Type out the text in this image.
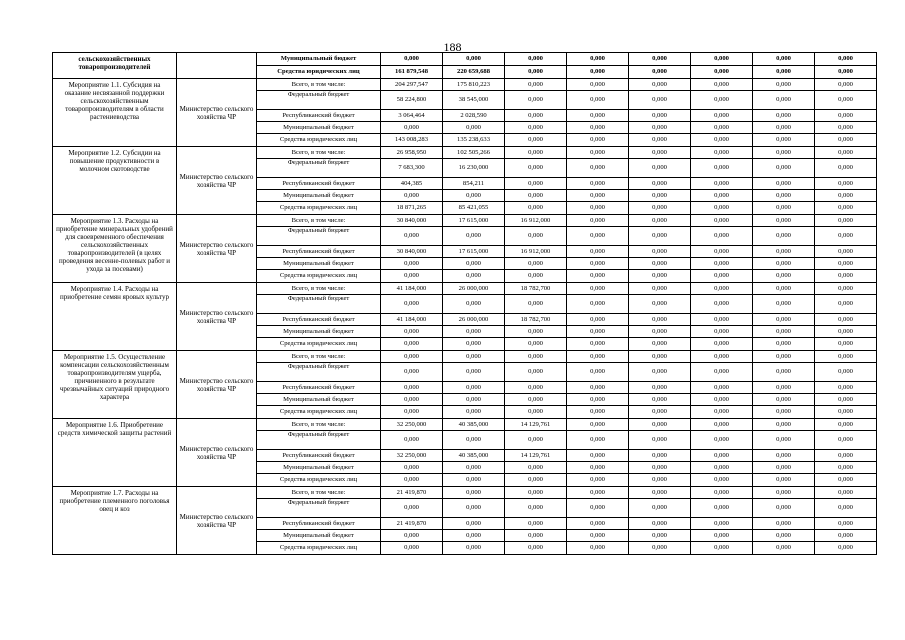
188
сельскохозяйственных товаропроизводителей		Муниципальный бюджет	0,000	0,000	0,000	0,000	0,000	0,000	0,000	0,000
		Средства юридических лиц	161 879,548	220 659,688	0,000	0,000	0,000	0,000	0,000	0,000
Мероприятие 1.1. Субсидия на оказание несвязанной поддержки сельскохозяйственным товаропроизводителям в области растениеводства	Министерство сельского хозяйства ЧР	Всего, в том числе:	204 297,547	175 810,223	0,000	0,000	0,000	0,000	0,000	0,000
		Федеральный бюджет	58 224,800	38 545,000	0,000	0,000	0,000	0,000	0,000	0,000
		Республиканский бюджет	3 064,464	2 028,590	0,000	0,000	0,000	0,000	0,000	0,000
		Муниципальный бюджет	0,000	0,000	0,000	0,000	0,000	0,000	0,000	0,000
		Средства юридических лиц	143 008,283	135 238,633	0,000	0,000	0,000	0,000	0,000	0,000
Мероприятие 1.2. Субсидии на повышение продуктивности в молочном скотоводстве	Министерство сельского хозяйства ЧР	Всего, в том числе:	26 958,950	102 505,266	0,000	0,000	0,000	0,000	0,000	0,000
		Федеральный бюджет	7 683,300	16 230,000	0,000	0,000	0,000	0,000	0,000	0,000
		Республиканский бюджет	404,385	854,211	0,000	0,000	0,000	0,000	0,000	0,000
		Муниципальный бюджет	0,000	0,000	0,000	0,000	0,000	0,000	0,000	0,000
		Средства юридических лиц	18 871,265	85 421,055	0,000	0,000	0,000	0,000	0,000	0,000
Мероприятие 1.3. Расходы на приобретение минеральных удобрений для своевременного обеспечения сельскохозяйственных товаропроизводителей (в целях проведения весенне-полевых работ и ухода за посевами)	Министерство сельского хозяйства ЧР	Всего, в том числе:	30 840,000	17 615,000	16 912,000	0,000	0,000	0,000	0,000	0,000
		Федеральный бюджет	0,000	0,000	0,000	0,000	0,000	0,000	0,000	0,000
		Республиканский бюджет	30 840,000	17 615,000	16 912,000	0,000	0,000	0,000	0,000	0,000
		Муниципальный бюджет	0,000	0,000	0,000	0,000	0,000	0,000	0,000	0,000
		Средства юридических лиц	0,000	0,000	0,000	0,000	0,000	0,000	0,000	0,000
Мероприятие 1.4. Расходы на приобретение семян яровых культур	Министерство сельского хозяйства ЧР	Всего, в том числе:	41 184,000	26 000,000	18 782,700	0,000	0,000	0,000	0,000	0,000
		Федеральный бюджет	0,000	0,000	0,000	0,000	0,000	0,000	0,000	0,000
		Республиканский бюджет	41 184,000	26 000,000	18 782,700	0,000	0,000	0,000	0,000	0,000
		Муниципальный бюджет	0,000	0,000	0,000	0,000	0,000	0,000	0,000	0,000
		Средства юридических лиц	0,000	0,000	0,000	0,000	0,000	0,000	0,000	0,000
Мероприятие 1.5. Осуществление компенсации сельскохозяйственным товаропроизводителям ущерба, причиненного в результате чрезвычайных ситуаций природного характера	Министерство сельского хозяйства ЧР	Всего, в том числе:	0,000	0,000	0,000	0,000	0,000	0,000	0,000	0,000
		Федеральный бюджет	0,000	0,000	0,000	0,000	0,000	0,000	0,000	0,000
		Республиканский бюджет	0,000	0,000	0,000	0,000	0,000	0,000	0,000	0,000
		Муниципальный бюджет	0,000	0,000	0,000	0,000	0,000	0,000	0,000	0,000
		Средства юридических лиц	0,000	0,000	0,000	0,000	0,000	0,000	0,000	0,000
Мероприятие 1.6. Приобретение средств химической защиты растений	Министерство сельского хозяйства ЧР	Всего, в том числе:	32 250,000	40 385,000	14 129,761	0,000	0,000	0,000	0,000	0,000
		Федеральный бюджет	0,000	0,000	0,000	0,000	0,000	0,000	0,000	0,000
		Республиканский бюджет	32 250,000	40 385,000	14 129,761	0,000	0,000	0,000	0,000	0,000
		Муниципальный бюджет	0,000	0,000	0,000	0,000	0,000	0,000	0,000	0,000
		Средства юридических лиц	0,000	0,000	0,000	0,000	0,000	0,000	0,000	0,000
Мероприятие 1.7. Расходы на приобретение племенного поголовья овец и коз	Министерство сельского хозяйства ЧР	Всего, в том числе:	21 419,870	0,000	0,000	0,000	0,000	0,000	0,000	0,000
		Федеральный бюджет	0,000	0,000	0,000	0,000	0,000	0,000	0,000	0,000
		Республиканский бюджет	21 419,870	0,000	0,000	0,000	0,000	0,000	0,000	0,000
		Муниципальный бюджет	0,000	0,000	0,000	0,000	0,000	0,000	0,000	0,000
		Средства юридических лиц	0,000	0,000	0,000	0,000	0,000	0,000	0,000	0,000
